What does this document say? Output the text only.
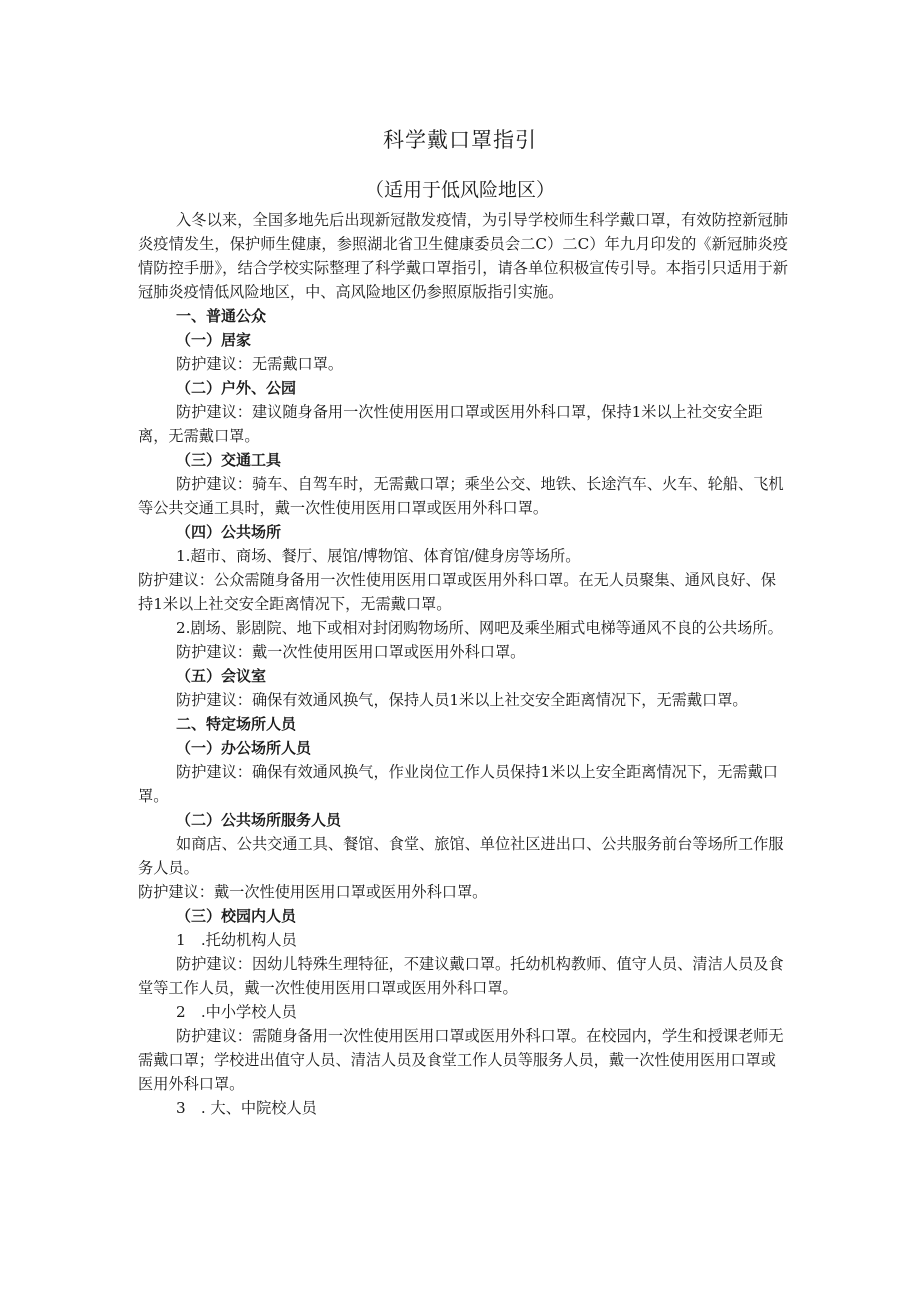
科学戴口罩指引
（适用于低风险地区）

入冬以来，全国多地先后出现新冠散发疫情，为引导学校师生科学戴口罩，有效防控新冠肺炎疫情发生，保护师生健康，参照湖北省卫生健康委员会二C）二C）年九月印发的《新冠肺炎疫情防控手册》，结合学校实际整理了科学戴口罩指引，请各单位积极宣传引导。本指引只适用于新冠肺炎疫情低风险地区，中、高风险地区仍参照原版指引实施。

一、普通公众

（一）居家

防护建议：无需戴口罩。

（二）户外、公园

防护建议：建议随身备用一次性使用医用口罩或医用外科口罩，保持1米以上社交安全距离，无需戴口罩。

（三）交通工具

防护建议：骑车、自驾车时，无需戴口罩；乘坐公交、地铁、长途汽车、火车、轮船、飞机等公共交通工具时，戴一次性使用医用口罩或医用外科口罩。

（四）公共场所

1.超市、商场、餐厅、展馆/博物馆、体育馆/健身房等场所。

防护建议：公众需随身备用一次性使用医用口罩或医用外科口罩。在无人员聚集、通风良好、保持1米以上社交安全距离情况下，无需戴口罩。

2.剧场、影剧院、地下或相对封闭购物场所、网吧及乘坐厢式电梯等通风不良的公共场所。

防护建议：戴一次性使用医用口罩或医用外科口罩。

（五）会议室

防护建议：确保有效通风换气，保持人员1米以上社交安全距离情况下，无需戴口罩。

二、特定场所人员

（一）办公场所人员

防护建议：确保有效通风换气，作业岗位工作人员保持1米以上安全距离情况下，无需戴口罩。

（二）公共场所服务人员

如商店、公共交通工具、餐馆、食堂、旅馆、单位社区进出口、公共服务前台等场所工作服务人员。

防护建议：戴一次性使用医用口罩或医用外科口罩。

（三）校园内人员

1　.托幼机构人员

防护建议：因幼儿特殊生理特征，不建议戴口罩。托幼机构教师、值守人员、清洁人员及食堂等工作人员，戴一次性使用医用口罩或医用外科口罩。

2　.中小学校人员

防护建议：需随身备用一次性使用医用口罩或医用外科口罩。在校园内，学生和授课老师无需戴口罩；学校进出值守人员、清洁人员及食堂工作人员等服务人员，戴一次性使用医用口罩或医用外科口罩。

3　. 大、中院校人员
